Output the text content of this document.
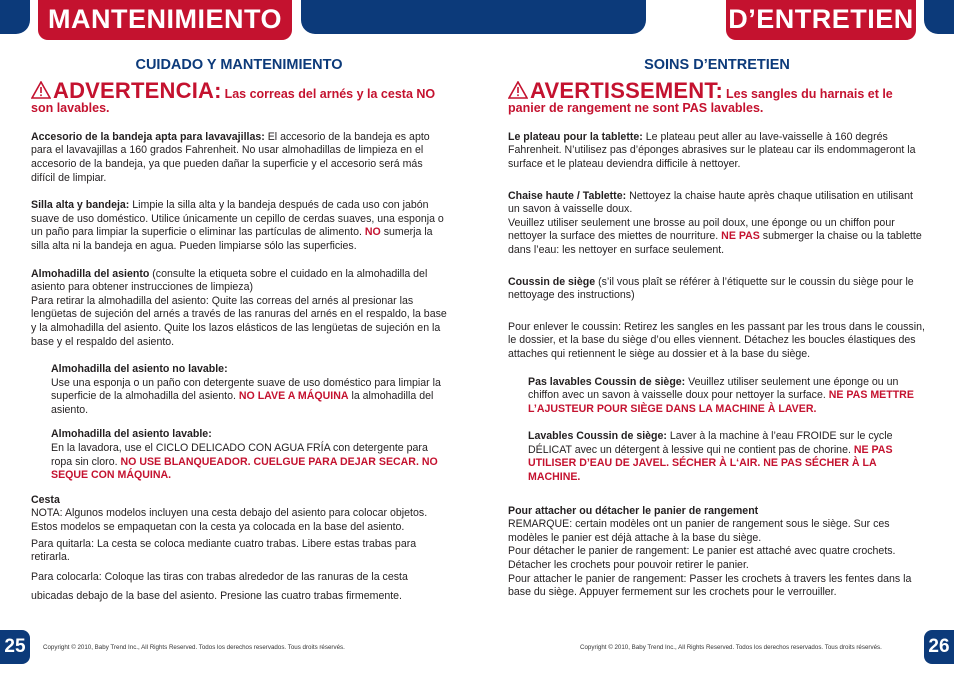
MANTENIMIENTO	D’ENTRETIEN
CUIDADO Y MANTENIMIENTO
ADVERTENCIA: Las correas del arnés y la cesta NO son lavables.

Accesorio de la bandeja apta para lavavajillas: El accesorio de la bandeja es apto para el lavavajillas a 160 grados Fahrenheit. No usar almohadillas de limpieza en el accesorio de la bandeja, ya que pueden dañar la superficie y el accesorio será más difícil de limpiar.

Silla alta y bandeja: Limpie la silla alta y la bandeja después de cada uso con jabón suave de uso doméstico. Utilice únicamente un cepillo de cerdas suaves, una esponja o un paño para limpiar la superficie o eliminar las partículas de alimento. NO sumerja la silla alta ni la bandeja en agua. Pueden limpiarse sólo las superficies.

Almohadilla del asiento (consulte la etiqueta sobre el cuidado en la almohadilla del asiento para obtener instrucciones de limpieza)

Para retirar la almohadilla del asiento: Quite las correas del arnés al presionar las lengüetas de sujeción del arnés a través de las ranuras del arnés en el respaldo, la base y la almohadilla del asiento. Quite los lazos elásticos de las lengüetas de sujeción en la base y el respaldo del asiento.

Almohadilla del asiento no lavable:

Use una esponja o un paño con detergente suave de uso doméstico para limpiar la superficie de la almohadilla del asiento. NO LAVE A MÁQUINA la almohadilla del asiento.

Almohadilla del asiento lavable:

En la lavadora, use el CICLO DELICADO CON AGUA FRÍA con detergente para ropa sin cloro. NO USE BLANQUEADOR. CUELGUE PARA DEJAR SECAR. NO SEQUE CON MÁQUINA.

Cesta

NOTA: Algunos modelos incluyen una cesta debajo del asiento para colocar objetos. Estos modelos se empaquetan con la cesta ya colocada en la base del asiento.

Para quitarla: La cesta se coloca mediante cuatro trabas. Libere estas trabas para retirarla.

Para colocarla: Coloque las tiras con trabas alrededor de las ranuras de la cesta ubicadas debajo de la base del asiento. Presione las cuatro trabas firmemente.

SOINS D’ENTRETIEN
AVERTISSEMENT: Les sangles du harnais et le panier de rangement ne sont PAS lavables.

Le plateau pour la tablette: Le plateau peut aller au lave-vaisselle à 160 degrés Fahrenheit. N’utilisez pas d’éponges abrasives sur le plateau car ils endommageront la surface et le plateau deviendra difficile à nettoyer.

Chaise haute / Tablette: Nettoyez la chaise haute après chaque utilisation en utilisant un savon à vaisselle doux.

Veuillez utiliser seulement une brosse au poil doux, une éponge ou un chiffon pour nettoyer la surface des miettes de nourriture. NE PAS submerger la chaise ou la tablette dans l’eau: les nettoyer en surface seulement.

Coussin de siège (s’il vous plaît se référer à l’étiquette sur le coussin du siège pour le nettoyage des instructions)

Pour enlever le coussin: Retirez les sangles en les passant par les trous dans le coussin, le dossier, et la base du siège d’ou elles viennent. Détachez les boucles élastiques des attaches qui retiennent le siège au dossier et à la base du siège.

Pas lavables Coussin de siège: Veuillez utiliser seulement une éponge ou un chiffon avec un savon à vaisselle doux pour nettoyer la surface. NE PAS METTRE L’AJUSTEUR POUR SIÈGE DANS LA MACHINE À LAVER.

Lavables Coussin de siège: Laver à la machine à l’eau FROIDE sur le cycle DÉLICAT avec un détergent à lessive qui ne contient pas de chorine. NE PAS UTILISER D’EAU DE JAVEL. SÉCHER À L‘AIR. NE PAS SÉCHER À LA MACHINE.

Pour attacher ou détacher le panier de rangement

REMARQUE: certain modèles ont un panier de rangement sous le siège. Sur ces modèles le panier est déjà attache à la base du siège.

Pour détacher le panier de rangement: Le panier est attaché avec quatre crochets. Détacher les crochets pour pouvoir retirer le panier.

Pour attacher le panier de rangement: Passer les crochets à travers les fentes dans la base du siège. Appuyer fermement sur les crochets pour le verrouiller.

25	26
Copyright © 2010, Baby Trend Inc., All Rights Reserved. Todos los derechos reservados. Tous droits réservés.	Copyright © 2010, Baby Trend Inc., All Rights Reserved. Todos los derechos reservados. Tous droits réservés.
